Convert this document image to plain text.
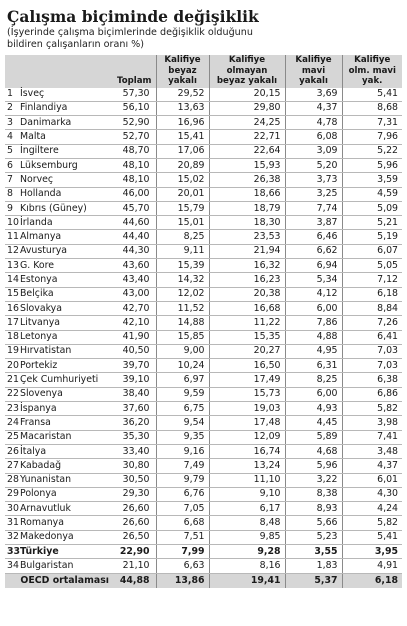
Çalışma biçiminde değişiklik
(İşyerinde çalışma biçimlerinde değişiklik olduğunu
bildiren çalışanların oranı %)
		Toplam	Kalifiye beyaz yakalı	Kalifiye olmayan beyaz yakalı	Kalifiye mavi yakalı	Kalifiye olm. mavi yak.
1	İsveç	57,30	29,52	20,15	3,69	5,41
2	Finlandiya	56,10	13,63	29,80	4,37	8,68
3	Danimarka	52,90	16,96	24,25	4,78	7,31
4	Malta	52,70	15,41	22,71	6,08	7,96
5	İngiltere	48,70	17,06	22,64	3,09	5,22
6	Lüksemburg	48,10	20,89	15,93	5,20	5,96
7	Norveç	48,10	15,02	26,38	3,73	3,59
8	Hollanda	46,00	20,01	18,66	3,25	4,59
9	Kıbrıs (Güney)	45,70	15,79	18,79	7,74	5,09
10	İrlanda	44,60	15,01	18,30	3,87	5,21
11	Almanya	44,40	8,25	23,53	6,46	5,19
12	Avusturya	44,30	9,11	21,94	6,62	6,07
13	G. Kore	43,60	15,39	16,32	6,94	5,05
14	Estonya	43,40	14,32	16,23	5,34	7,12
15	Belçika	43,00	12,02	20,38	4,12	6,18
16	Slovakya	42,70	11,52	16,68	6,00	8,84
17	Litvanya	42,10	14,88	11,22	7,86	7,26
18	Letonya	41,90	15,85	15,35	4,88	6,41
19	Hırvatistan	40,50	9,00	20,27	4,95	7,03
20	Portekiz	39,70	10,24	16,50	6,31	7,03
21	Çek Cumhuriyeti	39,10	6,97	17,49	8,25	6,38
22	Slovenya	38,40	9,59	15,73	6,00	6,86
23	İspanya	37,60	6,75	19,03	4,93	5,82
24	Fransa	36,20	9,54	17,48	4,45	3,98
25	Macaristan	35,30	9,35	12,09	5,89	7,41
26	İtalya	33,40	9,16	16,74	4,68	3,48
27	Kabadağ	30,80	7,49	13,24	5,96	4,37
28	Yunanistan	30,50	9,79	11,10	3,22	6,01
29	Polonya	29,30	6,76	9,10	8,38	4,30
30	Arnavutluk	26,60	7,05	6,17	8,93	4,24
31	Romanya	26,60	6,68	8,48	5,66	5,82
32	Makedonya	26,50	7,51	9,85	5,23	5,41
33	Türkiye	22,90	7,99	9,28	3,55	3,95
34	Bulgaristan	21,10	6,63	8,16	1,83	4,91
OECD ortalaması		44,88	13,86	19,41	5,37	6,18
